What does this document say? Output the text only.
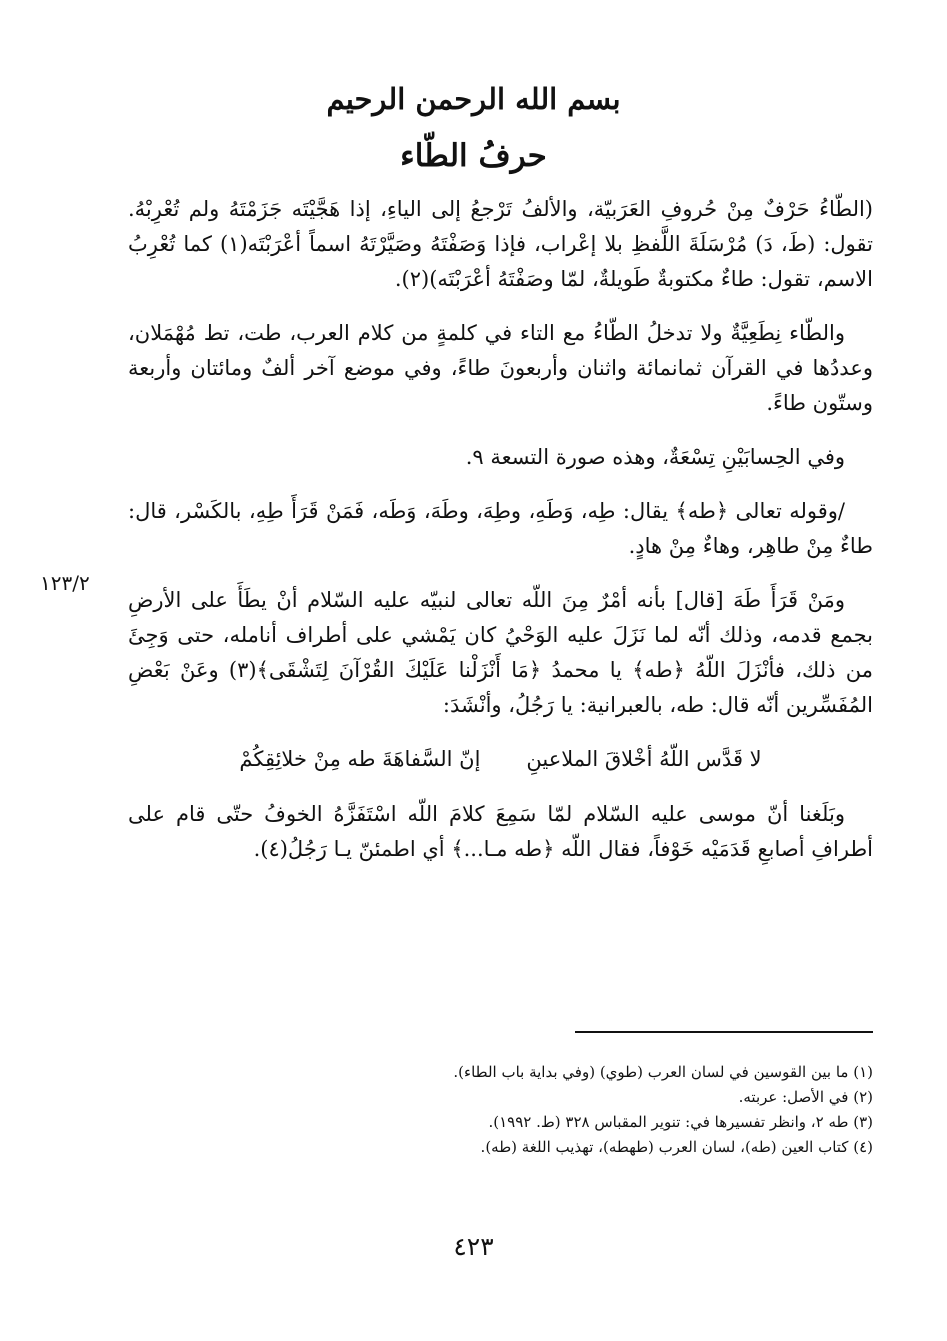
بسم الله الرحمن الرحيم
حرفُ الطّاء

(الطّاءُ حَرْفٌ مِنْ حُروفِ العَرَبيّة، والألفُ تَرْجعُ إلى الياءِ، إذا هَجَّيْتَه جَزَمْتَهُ ولم تُعْرِبْهُ. تقول: (طَ، دَ) مُرْسَلَةَ اللَّفظِ بلا إعْراب، فإذا وَصَفْتَهُ وصَيَّرْتَهُ اسماً أعْرَبْتَه(١) كما تُعْرِبُ الاسم، تقول: طاءٌ مكتوبةٌ طَويلةٌ، لمّا وصَفْتَهُ أعْرَبْتَه)(٢).

والطّاء نِطَعِيَّةٌ ولا تدخلُ الطّاءُ مع التاء في كلمةٍ من كلام العرب، طت، تط مُهْمَلان، وعددُها في القرآن ثمانمائة واثنان وأربعونَ طاءً، وفي موضع آخر ألفٌ ومائتان وأربعة وستّون طاءً.

وفي الحِسابَيْنِ تِسْعَةٌ، وهذه صورة التسعة ٩.

/وقوله تعالى ﴿طه﴾ يقال: طِه، وَطَهِ، وطِهَ، وطَهَ، وَطَه، فَمَنْ قَرَأَ طِهِ، بالكَسْر، قال: طاءٌ مِنْ طاهِر، وهاءٌ مِنْ هادٍ.

ومَنْ قَرَأَ طَهَ [قال] بأنه أمْرٌ مِنَ اللّه تعالى لنبيّه عليه السّلام أنْ يطَأَ على الأرضِ بجمع قدمه، وذلك أنّه لما نَزَلَ عليه الوَحْيُ كان يَمْشي على أطراف أنامله، حتى وَجِئَ من ذلك، فأنْزَلَ اللّهُ ﴿طه﴾ يا محمدُ ﴿مَا أَنْزَلْنا عَلَيْكَ القُرْآنَ لِتَشْقَى﴾(٣) وعَنْ بَعْضِ المُفَسِّرين أنّه قال: طه، بالعبرانية: يا رَجُلُ، وأنْشَدَ:

إنّ السَّفاهَةَ طه مِنْ خلائِقِكُمْ لا قَدَّس اللّهُ أخْلاقَ الملاعينِ

وبَلَغنا أنّ موسى عليه السّلام لمّا سَمِعَ كلامَ اللّه اسْتَفَزَّهُ الخوفُ حتّى قام على أطرافِ أصابعِ قَدَمَيْه خَوْفاً، فقال اللّه ﴿طه مـا...﴾ أي اطمئنّ يـا رَجُلُ(٤).

١٢٣/٢
(١) ما بين القوسين في لسان العرب (طوي) (وفي بداية باب الطاء).
(٢) في الأصل: عربته.
(٣) طه ٢، وانظر تفسيرها في: تنوير المقباس ٣٢٨ (ط. ١٩٩٢).
(٤) كتاب العين (طه)، لسان العرب (طهطه)، تهذيب اللغة (طه).
٤٢٣
